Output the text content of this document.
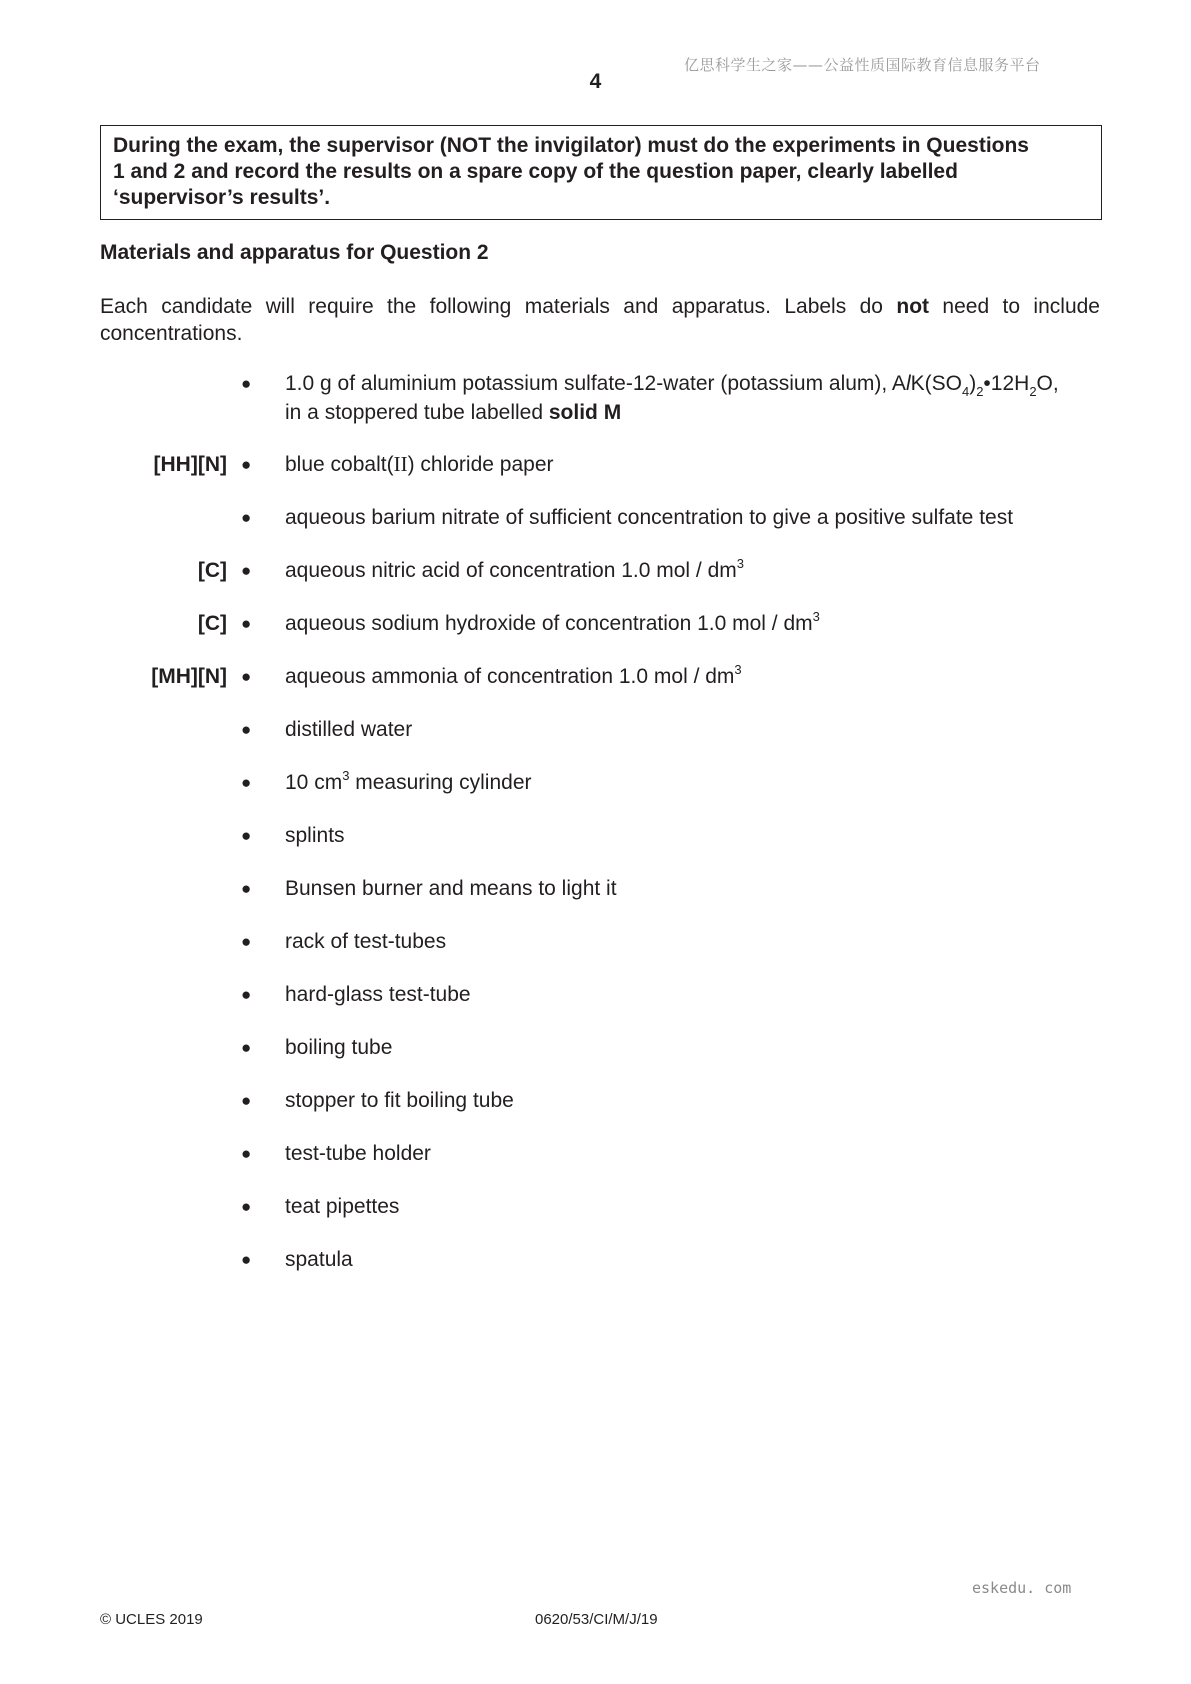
亿思科学生之家——公益性质国际教育信息服务平台
4
During the exam, the supervisor (NOT the invigilator) must do the experiments in Questions
1 and 2 and record the results on a spare copy of the question paper, clearly labelled
‘supervisor’s results’.
Materials and apparatus for Question 2
Each candidate will require the following materials and apparatus. Labels do not need to include
concentrations.
● 1.0 g of aluminium potassium sulfate-12-water (potassium alum), $AlK(SO_4)_2•12H_2O$,
in a stoppered tube labelled solid M
[HH][N] ● blue cobalt(II) chloride paper
● aqueous barium nitrate of sufficient concentration to give a positive sulfate test
[C] ● aqueous nitric acid of concentration 1.0 mol / $dm^3$
[C] ● aqueous sodium hydroxide of concentration 1.0 mol / $dm^3$
[MH][N] ● aqueous ammonia of concentration 1.0 mol / $dm^3$
● distilled water
● 10 $cm^3$ measuring cylinder
● splints
● Bunsen burner and means to light it
● rack of test-tubes
● hard-glass test-tube
● boiling tube
● stopper to fit boiling tube
● test-tube holder
● teat pipettes
● spatula
eskedu. com
© UCLES 2019	0620/53/CI/M/J/19
